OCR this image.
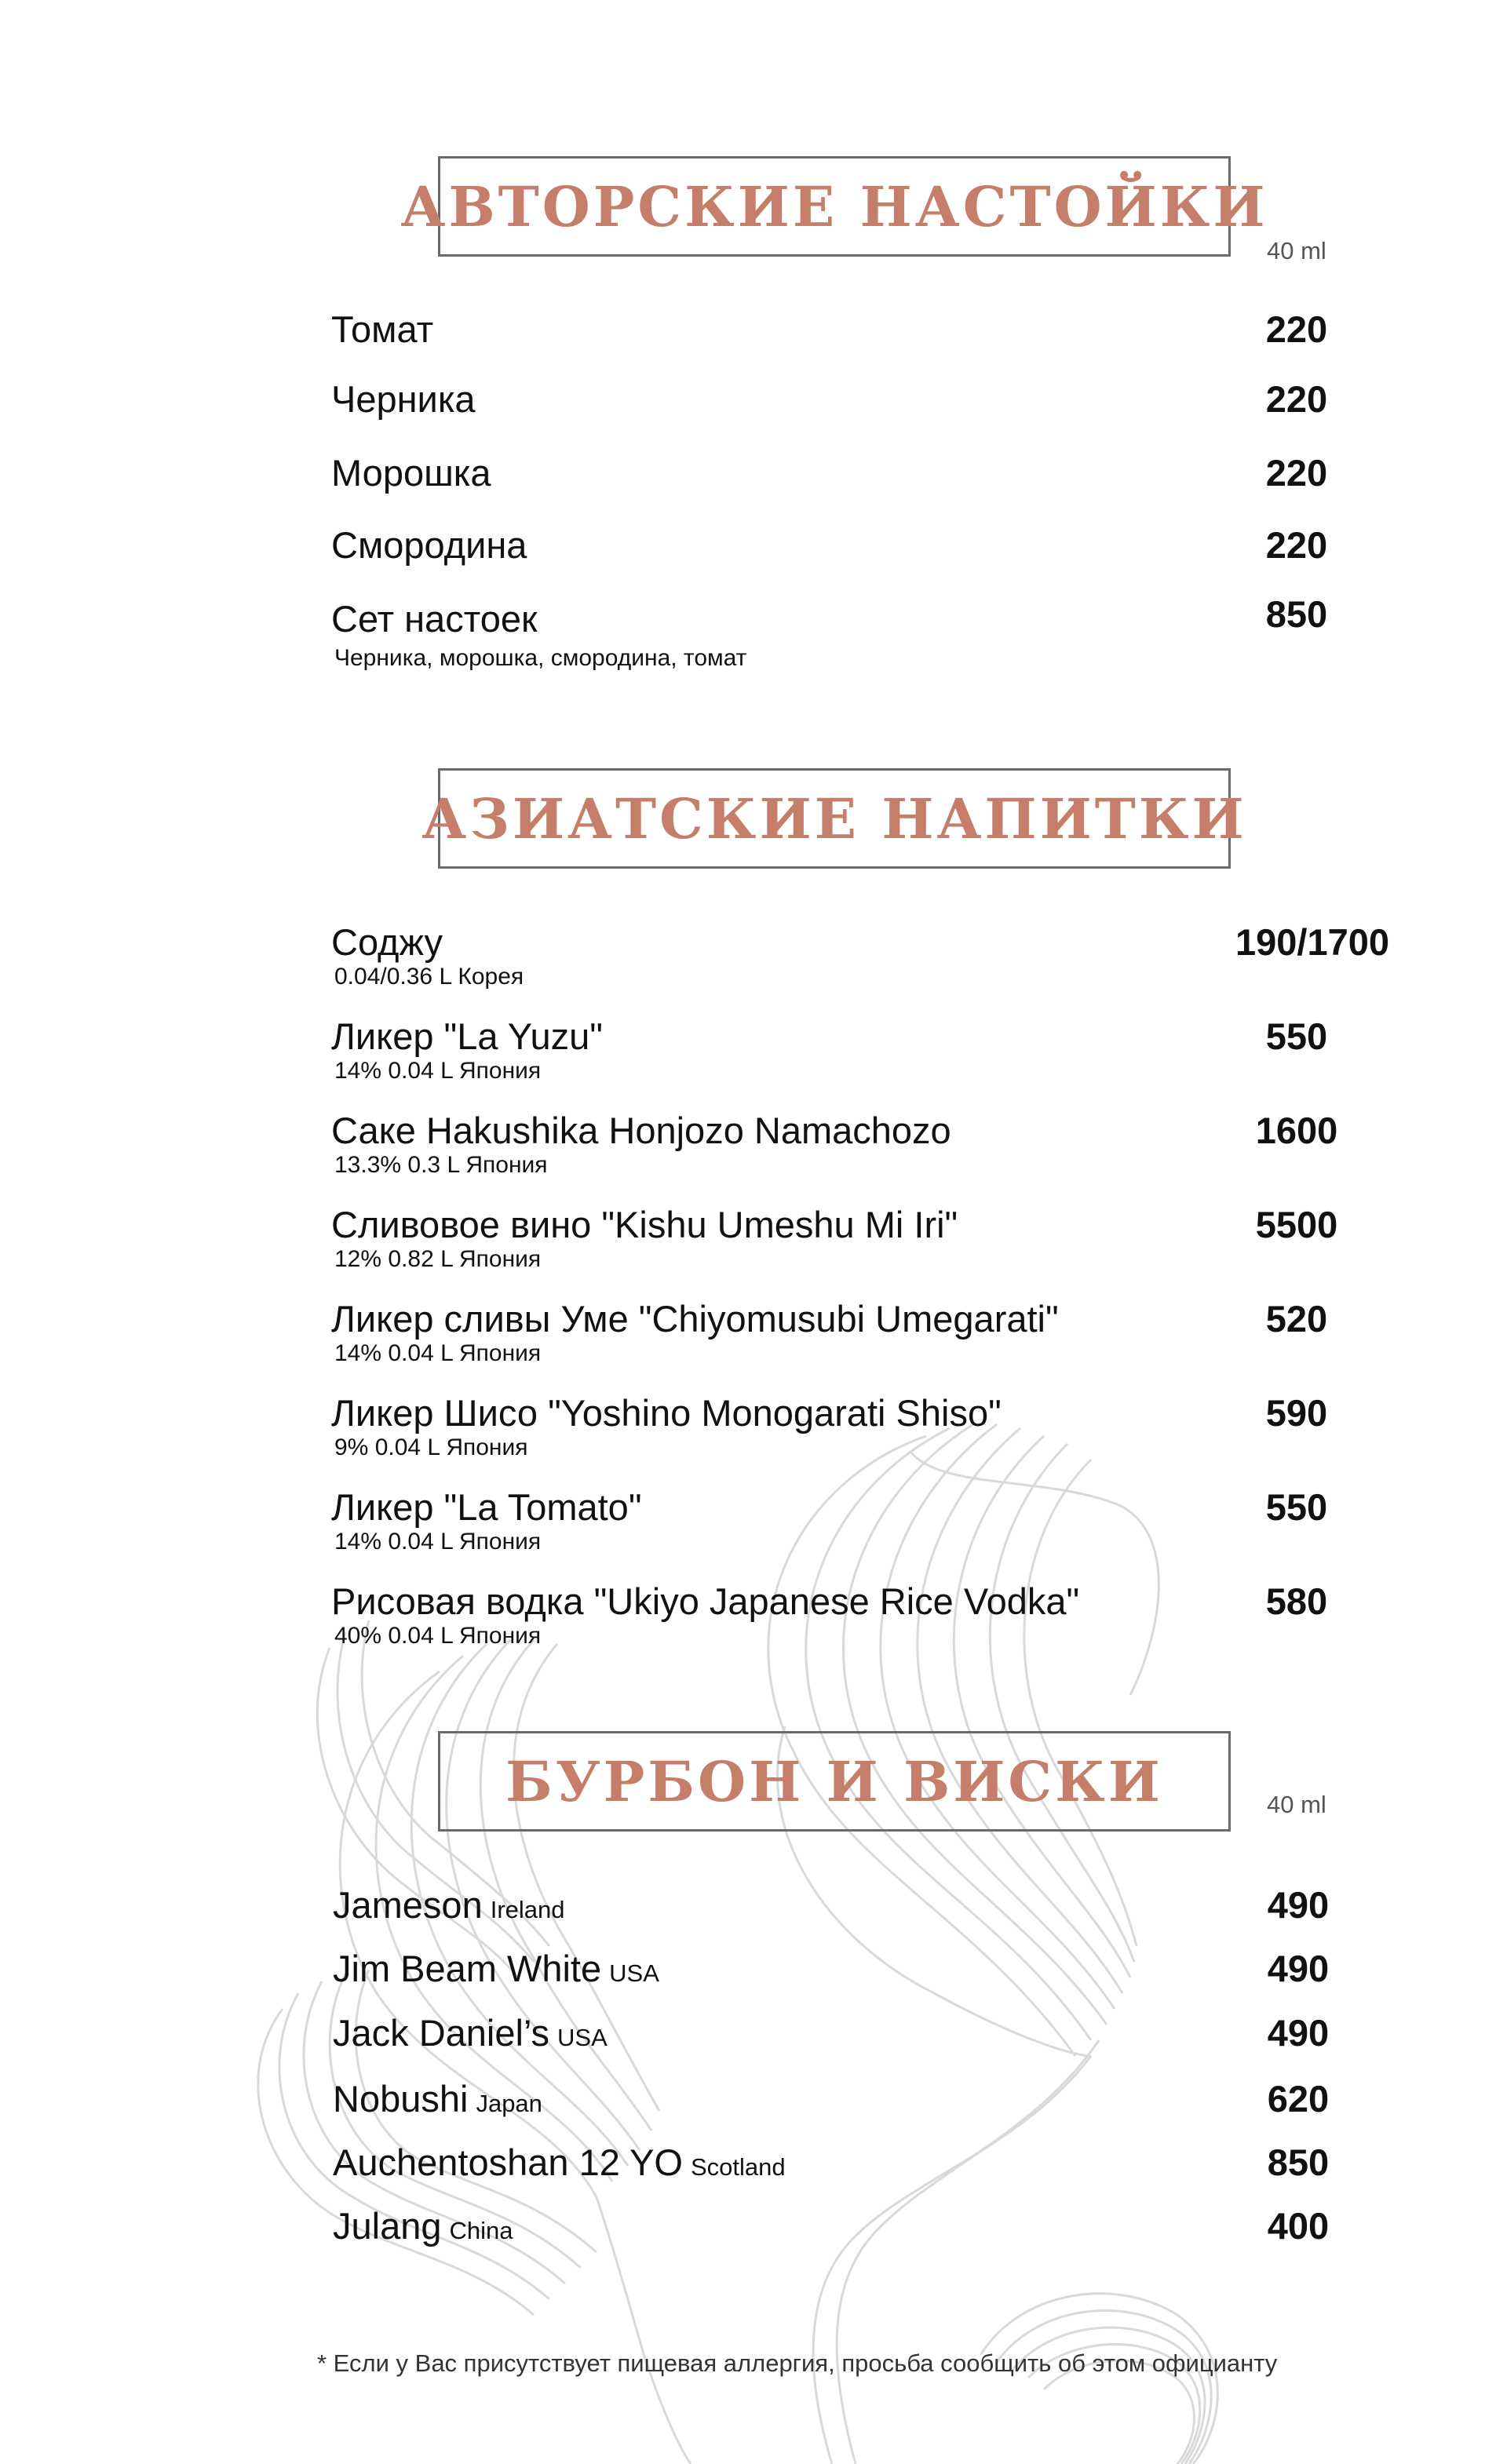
АВТОРСКИЕ НАСТОЙКИ
40 ml
Томат	220
Черника	220
Морошка	220
Смородина	220
Сет настоек
Черника, морошка, смородина, томат
850
АЗИАТСКИЕ НАПИТКИ
Соджу
0.04/0.36 L Корея
190/1700
Ликер "La Yuzu"
14% 0.04 L Япония
550
Саке Hakushika Honjozo Namachozo
13.3% 0.3 L Япония
1600
Сливовое вино "Kishu Umeshu Mi Iri"
12% 0.82 L Япония
5500
Ликер сливы Уме "Chiyomusubi Umegarati"
14% 0.04 L Япония
520
Ликер Шисо "Yoshino Monogarati Shiso"
9% 0.04 L Япония
590
Ликер "La Tomato"
14% 0.04 L Япония
550
Рисовая водка "Ukiyo Japanese Rice Vodka"
40% 0.04 L Япония
580
БУРБОН И ВИСКИ	40 ml
Jameson Ireland	490
Jim Beam White USA	490
Jack Daniel’s USA	490
Nobushi Japan	620
Auchentoshan 12 YO Scotland	850
Julang China	400
* Если у Вас присутствует пищевая аллергия, просьба сообщить об этом официанту
